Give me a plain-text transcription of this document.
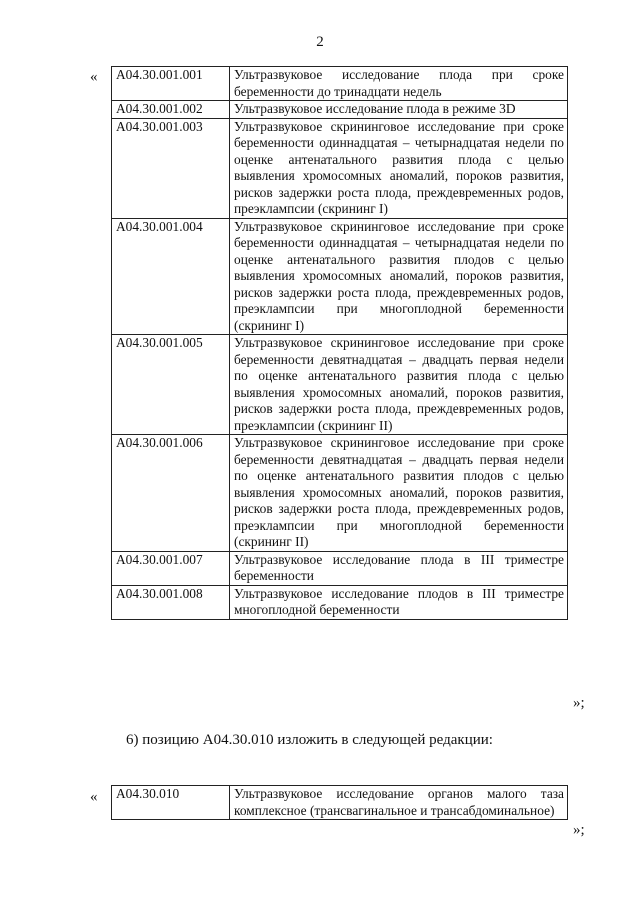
2
« A04.30.001.001	Ультразвуковое исследование плода при сроке беременности до тринадцати недель
A04.30.001.002	Ультразвуковое исследование плода в режиме 3D
A04.30.001.003	Ультразвуковое скрининговое исследование при сроке беременности одиннадцатая – четырнадцатая недели по оценке антенатального развития плода с целью выявления хромосомных аномалий, пороков развития, рисков задержки роста плода, преждевременных родов, преэклампсии (скрининг I)
A04.30.001.004	Ультразвуковое скрининговое исследование при сроке беременности одиннадцатая – четырнадцатая недели по оценке антенатального развития плодов с целью выявления хромосомных аномалий, пороков развития, рисков задержки роста плода, преждевременных родов, преэклампсии при многоплодной беременности (скрининг I)
A04.30.001.005	Ультразвуковое скрининговое исследование при сроке беременности девятнадцатая – двадцать первая недели по оценке антенатального развития плода с целью выявления хромосомных аномалий, пороков развития, рисков задержки роста плода, преждевременных родов, преэклампсии (скрининг II)
A04.30.001.006	Ультразвуковое скрининговое исследование при сроке беременности девятнадцатая – двадцать первая недели по оценке антенатального развития плодов с целью выявления хромосомных аномалий, пороков развития, рисков задержки роста плода, преждевременных родов, преэклампсии при многоплодной беременности (скрининг II)
A04.30.001.007	Ультразвуковое исследование плода в III триместре беременности
A04.30.001.008	Ультразвуковое исследование плодов в III триместре многоплодной беременности
»;
6) позицию A04.30.010 изложить в следующей редакции:
« A04.30.010	Ультразвуковое исследование органов малого таза комплексное (трансвагинальное и трансабдоминальное)
»;
